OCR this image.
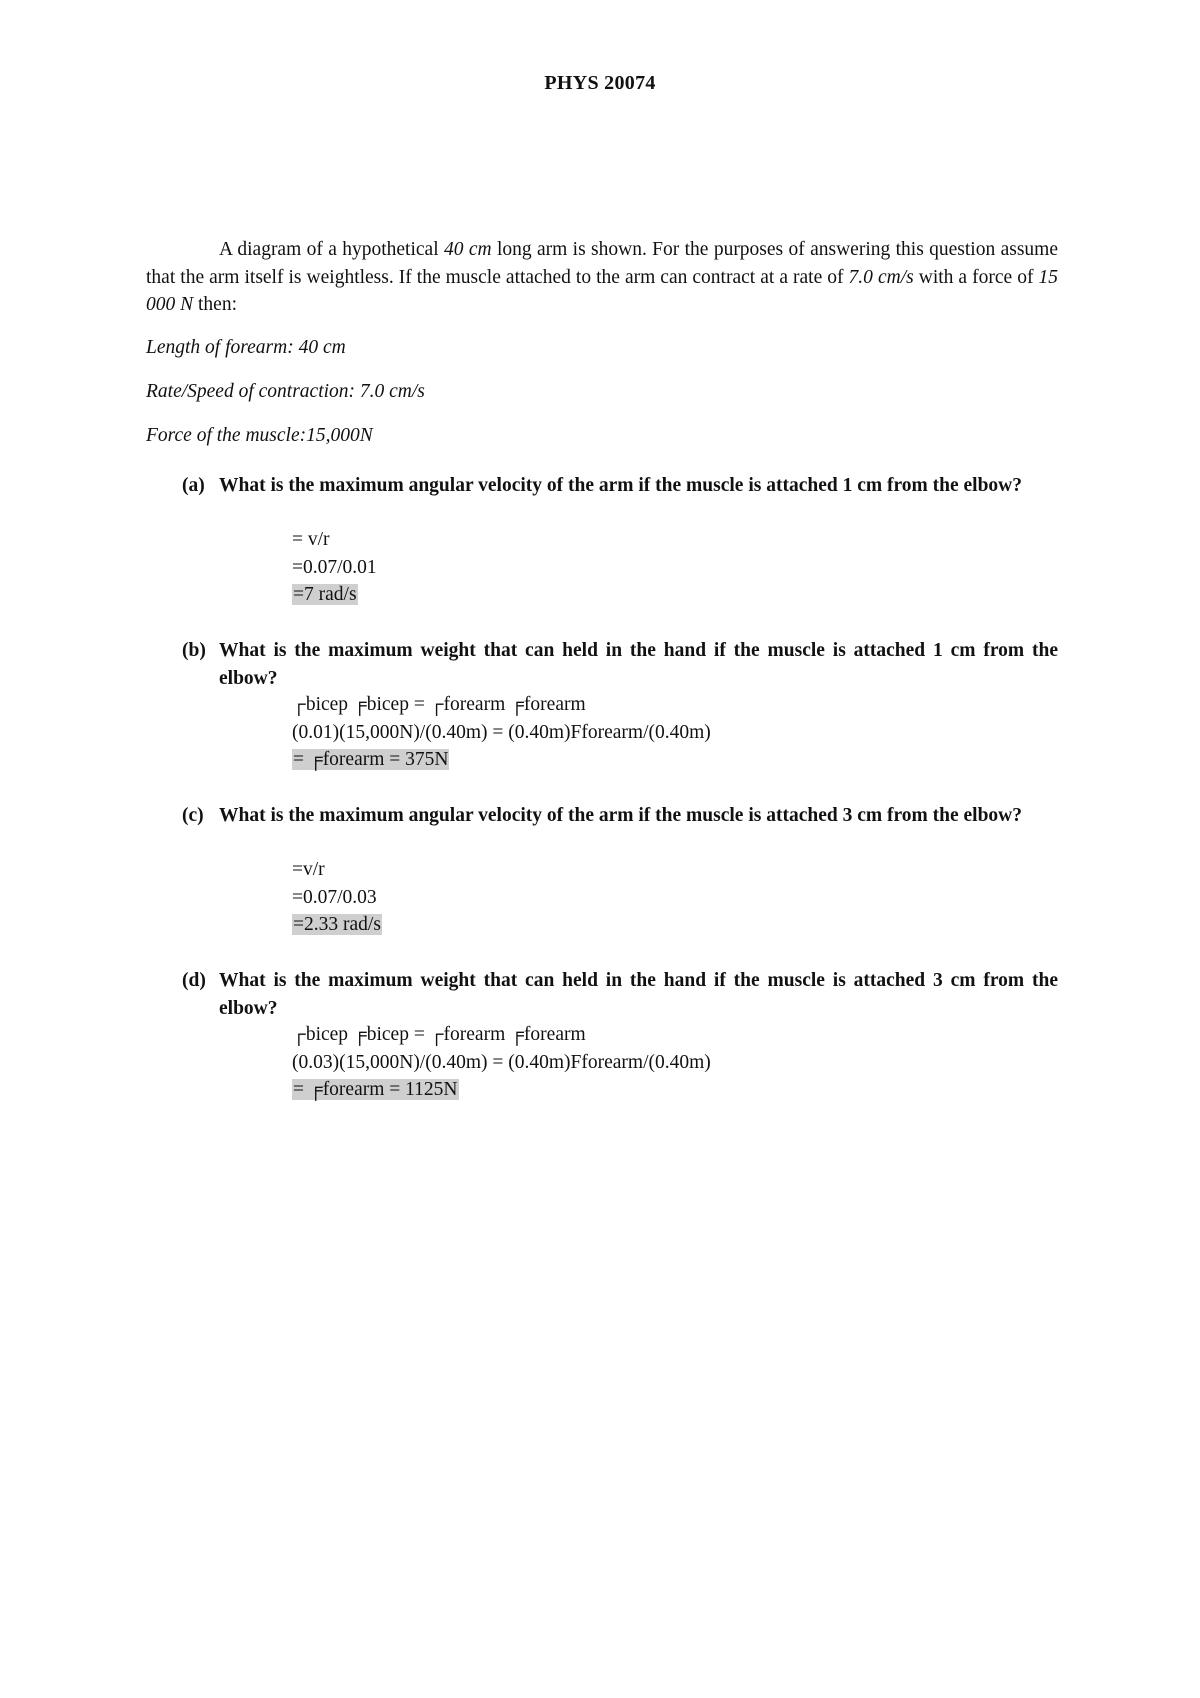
PHYS 20074

A diagram of a hypothetical 40 cm long arm is shown. For the purposes of answering this question assume that the arm itself is weightless. If the muscle attached to the arm can contract at a rate of 7.0 cm/s with a force of 15 000 N then:

Length of forearm: 40 cm

Rate/Speed of contraction: 7.0 cm/s

Force of the muscle:15,000N

(a) What is the maximum angular velocity of the arm if the muscle is attached 1 cm from the elbow?
= v/r
=0.07/0.01
=7 rad/s
(b) What is the maximum weight that can held in the hand if the muscle is attached 1 cm from the elbow?
┌bicep ╒bicep = ┌forearm ╒forearm
(0.01)(15,000N)/(0.40m) = (0.40m)Fforearm/(0.40m)
= ╒forearm = 375N
(c) What is the maximum angular velocity of the arm if the muscle is attached 3 cm from the elbow?
=v/r
=0.07/0.03
=2.33 rad/s
(d) What is the maximum weight that can held in the hand if the muscle is attached 3 cm from the elbow?
┌bicep ╒bicep = ┌forearm ╒forearm
(0.03)(15,000N)/(0.40m) = (0.40m)Fforearm/(0.40m)
= ╒forearm = 1125N
